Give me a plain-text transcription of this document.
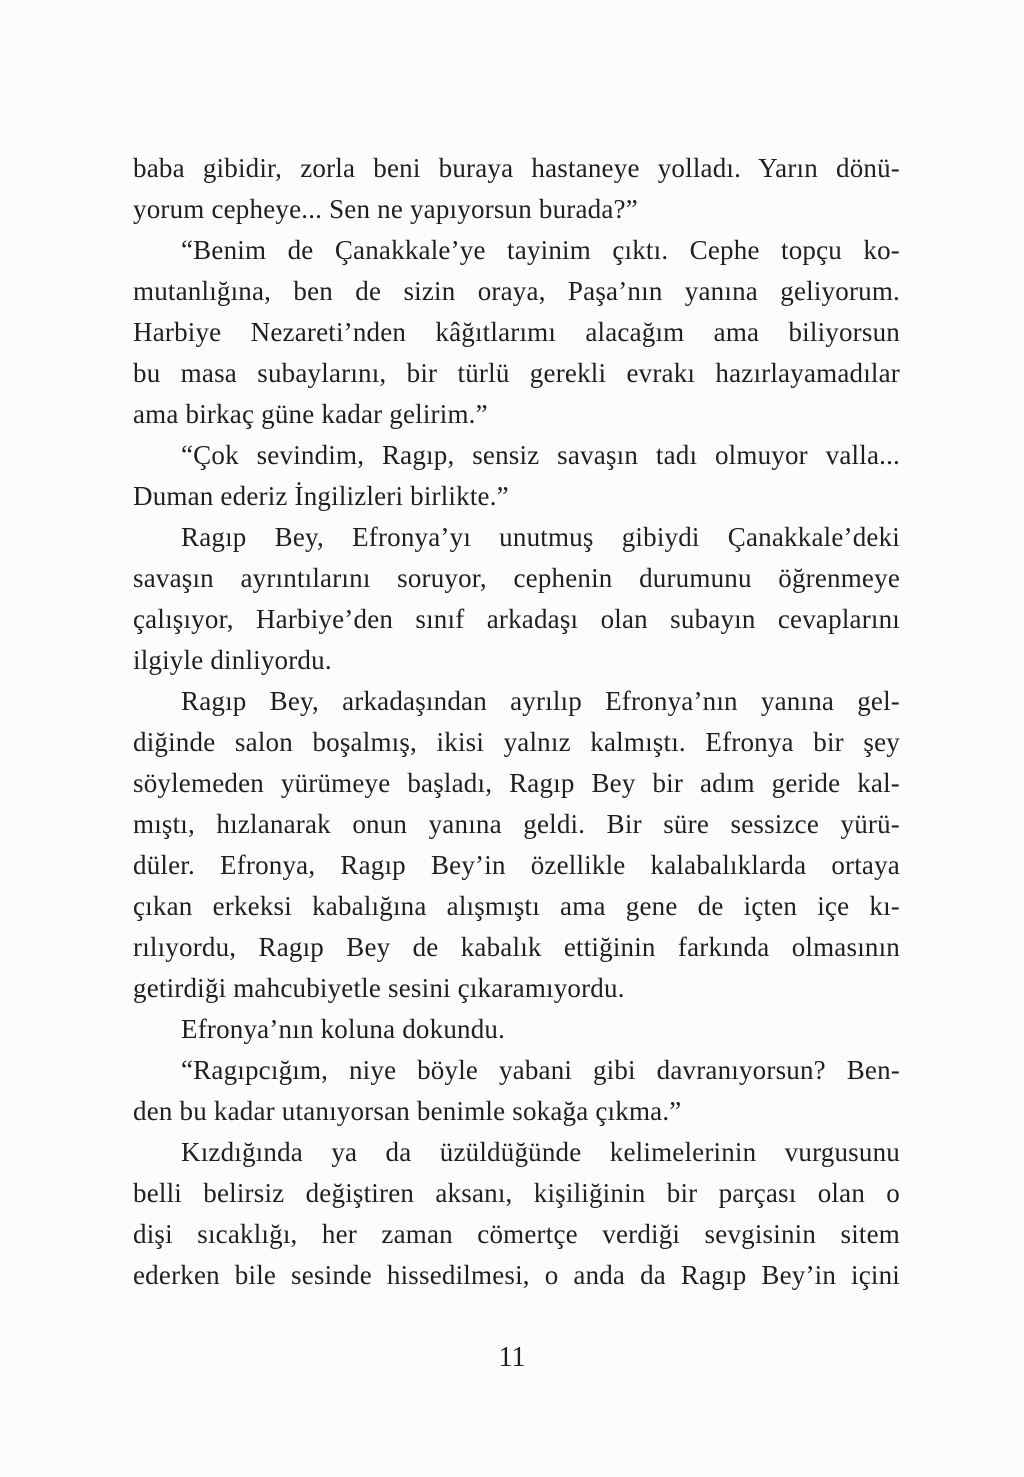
baba gibidir, zorla beni buraya hastaneye yolladı. Yarın dönü-
yorum cepheye... Sen ne yapıyorsun burada?”
“Benim de Çanakkale’ye tayinim çıktı. Cephe topçu ko-
mutanlığına, ben de sizin oraya, Paşa’nın yanına geliyorum.
Harbiye Nezareti’nden kâğıtlarımı alacağım ama biliyorsun
bu masa subaylarını, bir türlü gerekli evrakı hazırlayamadılar
ama birkaç güne kadar gelirim.”
“Çok sevindim, Ragıp, sensiz savaşın tadı olmuyor valla...
Duman ederiz İngilizleri birlikte.”
Ragıp Bey, Efronya’yı unutmuş gibiydi Çanakkale’deki
savaşın ayrıntılarını soruyor, cephenin durumunu öğrenmeye
çalışıyor, Harbiye’den sınıf arkadaşı olan subayın cevaplarını
ilgiyle dinliyordu.
Ragıp Bey, arkadaşından ayrılıp Efronya’nın yanına gel-
diğinde salon boşalmış, ikisi yalnız kalmıştı. Efronya bir şey
söylemeden yürümeye başladı, Ragıp Bey bir adım geride kal-
mıştı, hızlanarak onun yanına geldi. Bir süre sessizce yürü-
düler. Efronya, Ragıp Bey’in özellikle kalabalıklarda ortaya
çıkan erkeksi kabalığına alışmıştı ama gene de içten içe kı-
rılıyordu, Ragıp Bey de kabalık ettiğinin farkında olmasının
getirdiği mahcubiyetle sesini çıkaramıyordu.
Efronya’nın koluna dokundu.
“Ragıpcığım, niye böyle yabani gibi davranıyorsun? Ben-
den bu kadar utanıyorsan benimle sokağa çıkma.”
Kızdığında ya da üzüldüğünde kelimelerinin vurgusunu
belli belirsiz değiştiren aksanı, kişiliğinin bir parçası olan o
dişi sıcaklığı, her zaman cömertçe verdiği sevgisinin sitem
ederken bile sesinde hissedilmesi, o anda da Ragıp Bey’in içini
11
